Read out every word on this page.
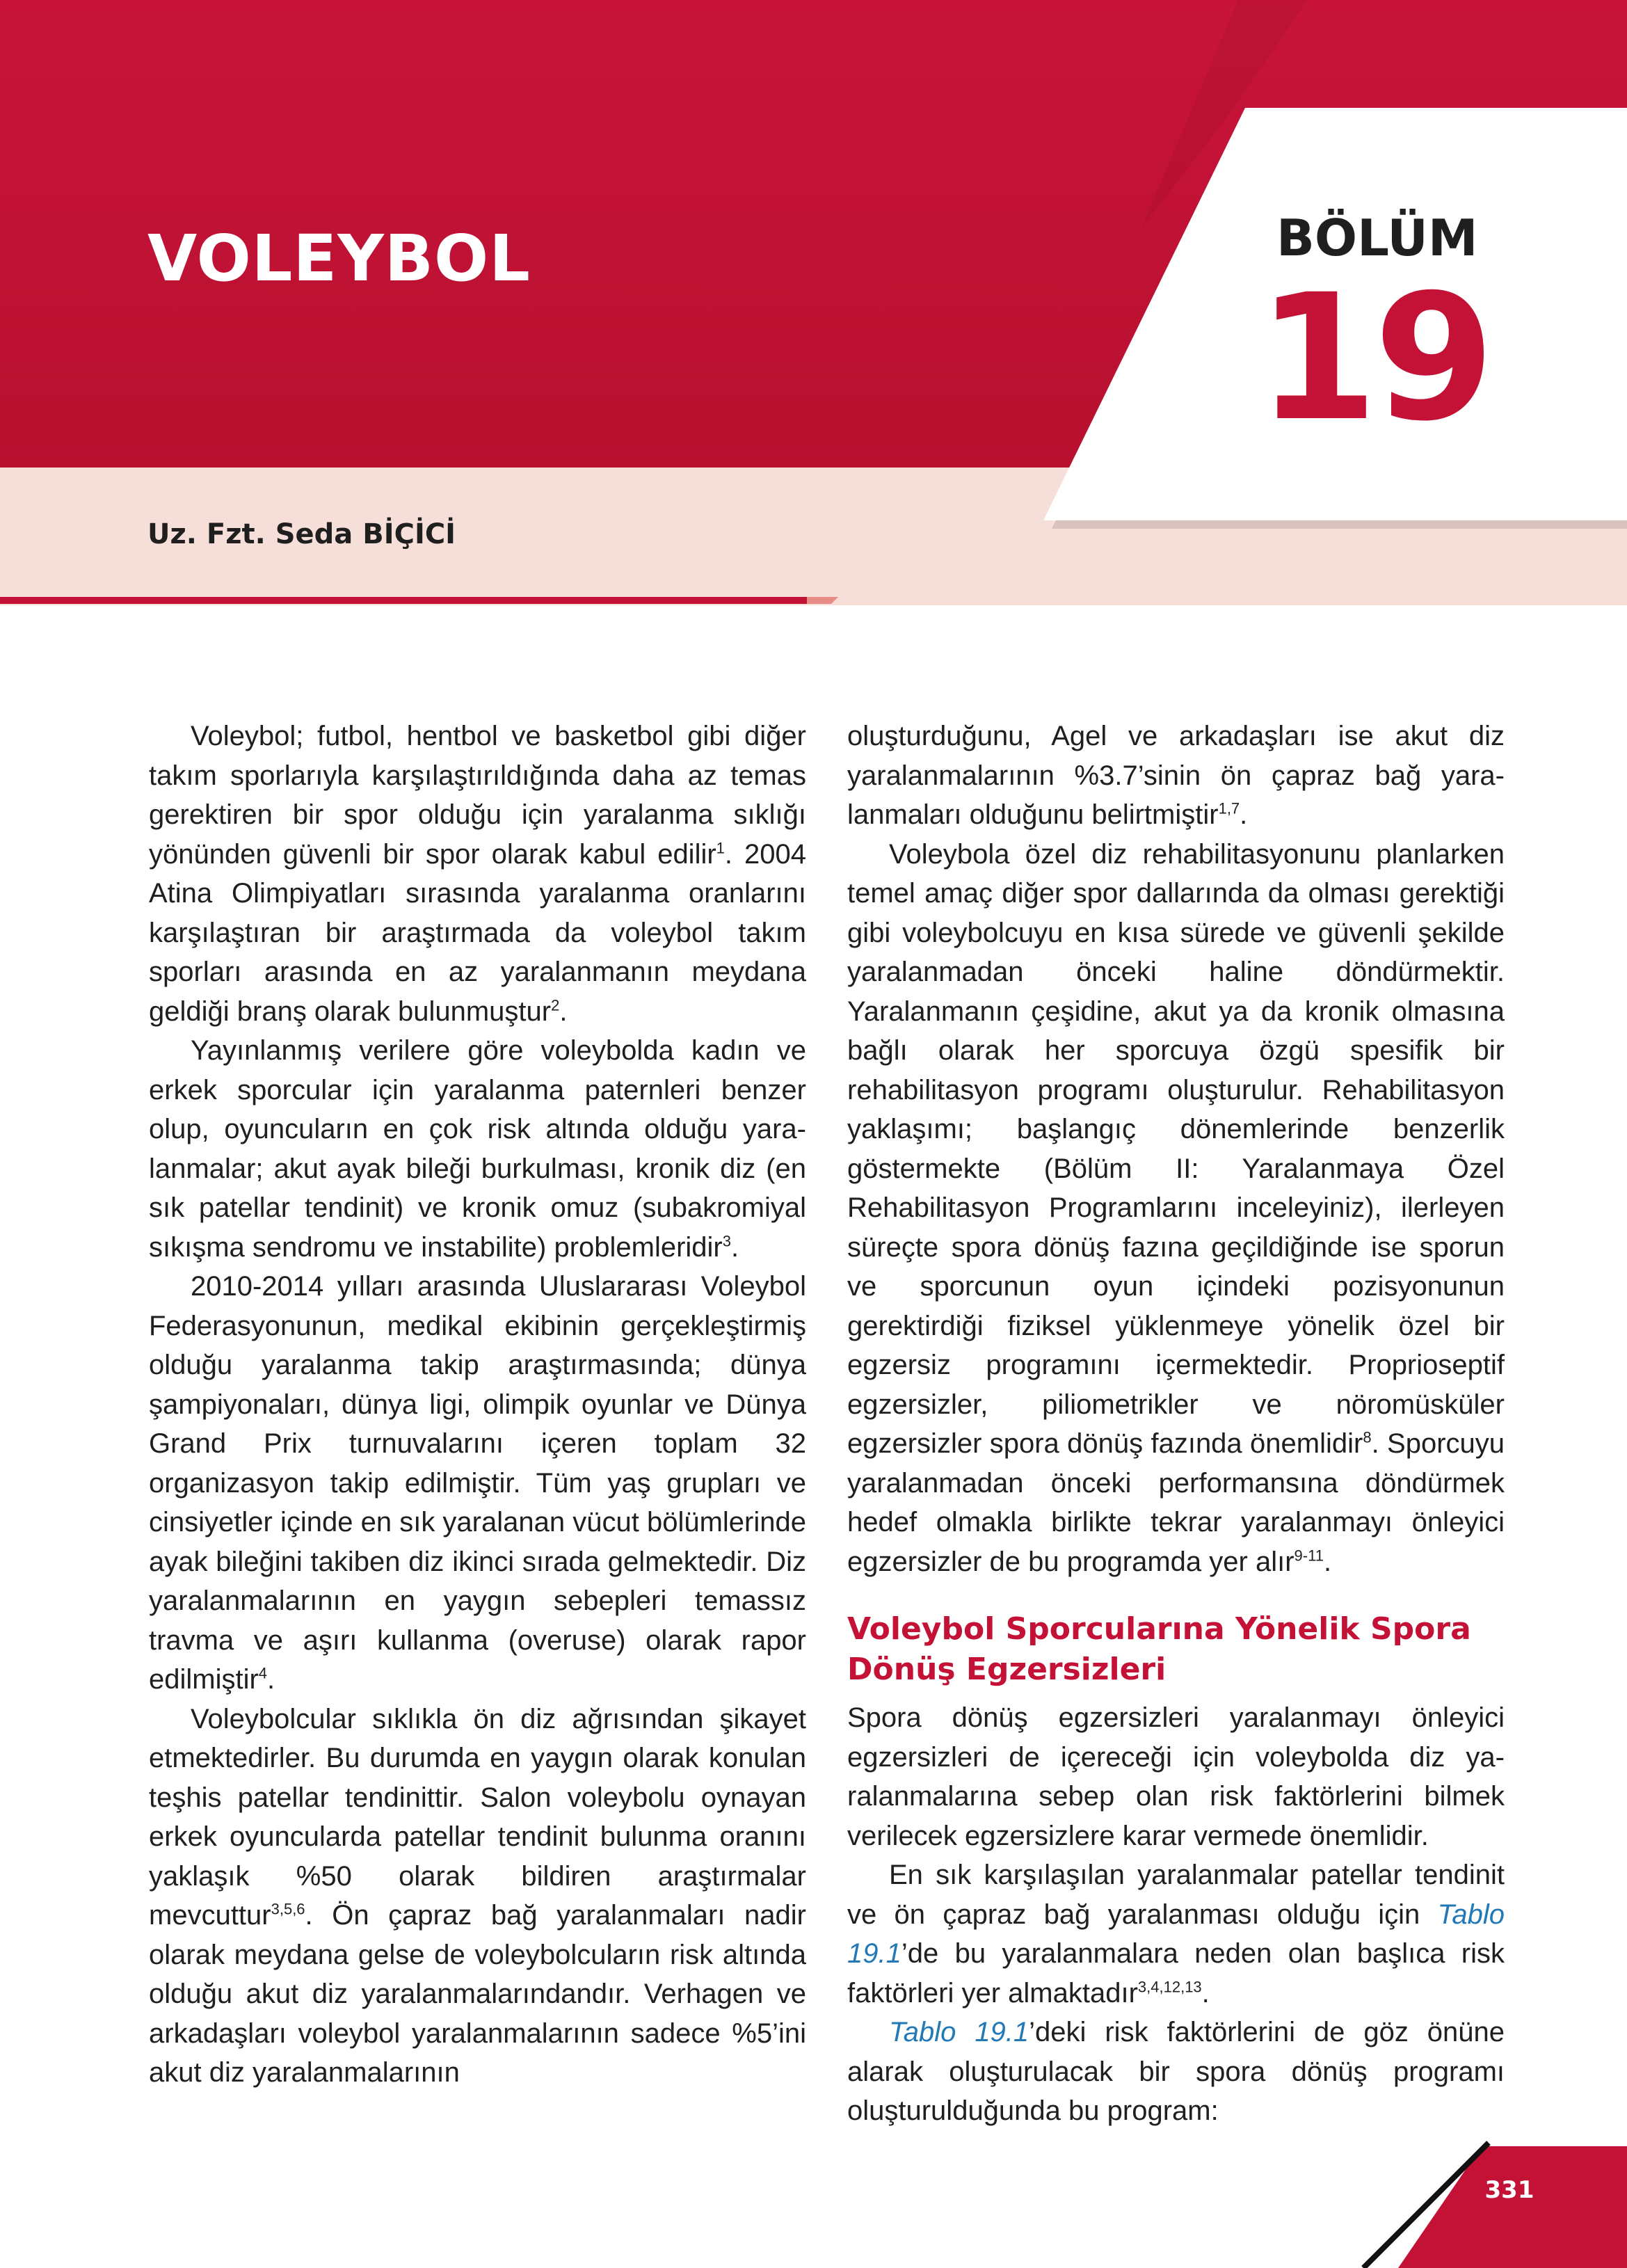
VOLEYBOL	BÖLÜM
19
Uz. Fzt. Seda BİÇİCİ

Voleybol; futbol, hentbol ve basketbol gibi diğer takım sporlarıyla karşılaştırıldığında daha az temas gerektiren bir spor olduğu için yaralanma sıklığı yönünden güvenli bir spor olarak kabul edilir$^1$. 2004 Atina Olimpiyatları sırasında yaralanma oranlarını karşılaştıran bir araştırmada da voleybol takım sporları arasında en az yaralanmanın meydana geldiği branş olarak bulunmuştur$^2$.

Yayınlanmış verilere göre voleybolda kadın ve erkek sporcular için yaralanma paternleri benzer olup, oyuncuların en çok risk altında olduğu yaralanmalar; akut ayak bileği burkulması, kronik diz (en sık patellar tendinit) ve kronik omuz (subakromiyal sıkışma sendromu ve instabilite) problemleridir$^3$.

2010-2014 yılları arasında Uluslararası Voleybol Federasyonunun, medikal ekibinin gerçekleştirmiş olduğu yaralanma takip araştırmasında; dünya şampiyonaları, dünya ligi, olimpik oyunlar ve Dünya Grand Prix turnuvalarını içeren toplam 32 organizasyon takip edilmiştir. Tüm yaş grupları ve cinsiyetler içinde en sık yaralanan vücut bölümlerinde ayak bileğini takiben diz ikinci sırada gelmektedir. Diz yaralanmalarının en yaygın sebepleri temassız travma ve aşırı kullanma (overuse) olarak rapor edilmiştir$^4$.

Voleybolcular sıklıkla ön diz ağrısından şikayet etmektedirler. Bu durumda en yaygın olarak konulan teşhis patellar tendinittir. Salon voleybolu oynayan erkek oyuncularda patellar tendinit bulunma oranını yaklaşık %50 olarak bildiren araştırmalar mevcuttur$^{3,5,6}$. Ön çapraz bağ yaralanmaları nadir olarak meydana gelse de voleybolcuların risk altında olduğu akut diz yaralanmalarındandır. Verhagen ve arkadaşları voleybol yaralanmalarının sadece %5’ini akut diz yaralanmalarının

oluşturduğunu, Agel ve arkadaşları ise akut diz yaralanmalarının %3.7’sinin ön çapraz bağ yaralanmaları olduğunu belirtmiştir$^{1,7}$.

Voleybola özel diz rehabilitasyonunu planlarken temel amaç diğer spor dallarında da olması gerektiği gibi voleybolcuyu en kısa sürede ve güvenli şekilde yaralanmadan önceki haline döndürmektir. Yaralanmanın çeşidine, akut ya da kronik olmasına bağlı olarak her sporcuya özgü spesifik bir rehabilitasyon programı oluşturulur. Rehabilitasyon yaklaşımı; başlangıç dönemlerinde benzerlik göstermekte (Bölüm II: Yaralanmaya Özel Rehabilitasyon Programlarını inceleyiniz), ilerleyen süreçte spora dönüş fazına geçildiğinde ise sporun ve sporcunun oyun içindeki pozisyonunun gerektirdiği fiziksel yüklenmeye yönelik özel bir egzersiz programını içermektedir. Proprioseptif egzersizler, piliometrikler ve nöromüsküler egzersizler spora dönüş fazında önemlidir$^8$. Sporcuyu yaralanmadan önceki performansına döndürmek hedef olmakla birlikte tekrar yaralanmayı önleyici egzersizler de bu programda yer alır$^{9-11}$.

Voleybol Sporcularına Yönelik Spora Dönüş Egzersizleri

Spora dönüş egzersizleri yaralanmayı önleyici egzersizleri de içereceği için voleybolda diz yaralanmalarına sebep olan risk faktörlerini bilmek verilecek egzersizlere karar vermede önemlidir.

En sık karşılaşılan yaralanmalar patellar tendinit ve ön çapraz bağ yaralanması olduğu için Tablo 19.1’de bu yaralanmalara neden olan başlıca risk faktörleri yer almaktadır$^{3,4,12,13}$.

Tablo 19.1’deki risk faktörlerini de göz önüne alarak oluşturulacak bir spora dönüş programı oluşturulduğunda bu program:

331
